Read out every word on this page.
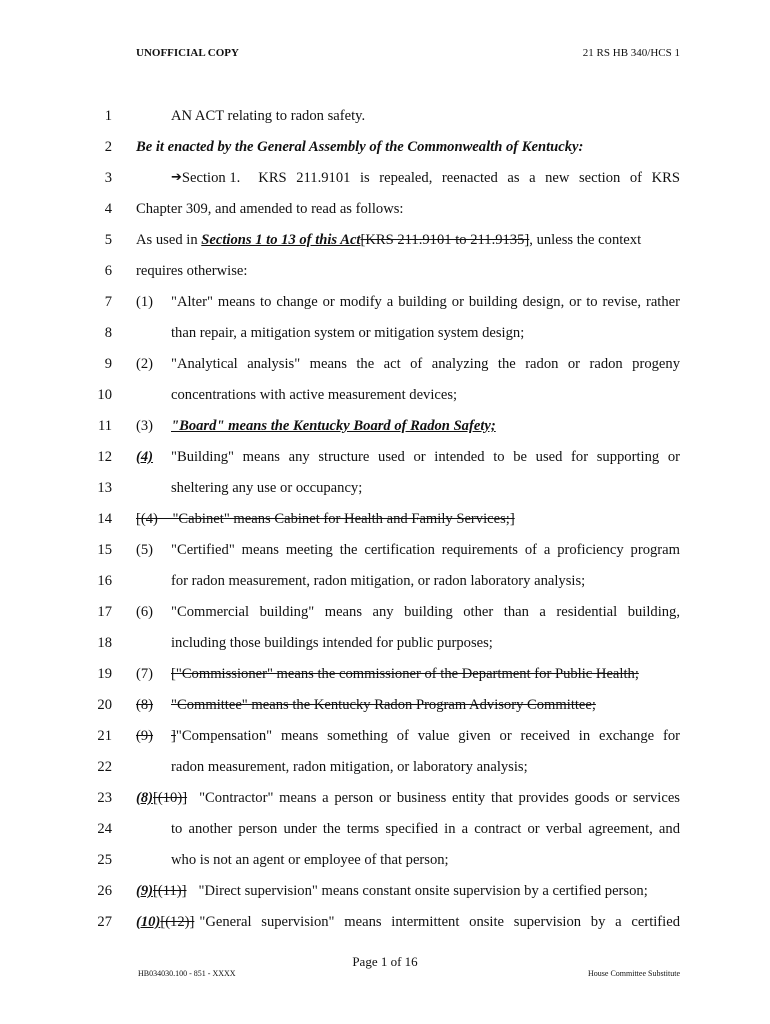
UNOFFICIAL COPY	21 RS HB 340/HCS 1
1	AN ACT relating to radon safety.
2 Be it enacted by the General Assembly of the Commonwealth of Kentucky:
3	➔ Section 1. KRS 211.9101 is repealed, reenacted as a new section of KRS
4 Chapter 309, and amended to read as follows:
5 As used in Sections 1 to 13 of this Act[KRS 211.9101 to 211.9135], unless the context
6 requires otherwise:
7 (1)	"Alter" means to change or modify a building or building design, or to revise, rather
8	than repair, a mitigation system or mitigation system design;
9 (2)	"Analytical analysis" means the act of analyzing the radon or radon progeny
10	concentrations with active measurement devices;
11 (3) "Board" means the Kentucky Board of Radon Safety;
12 (4)	"Building" means any structure used or intended to be used for supporting or
13	sheltering any use or occupancy;
14 [(4)    "Cabinet" means Cabinet for Health and Family Services;]
15 (5)	"Certified" means meeting the certification requirements of a proficiency program
16	for radon measurement, radon mitigation, or radon laboratory analysis;
17 (6)	"Commercial building" means any building other than a residential building,
18	including those buildings intended for public purposes;
19 (7) ["Commissioner" means the commissioner of the Department for Public Health;
20 (8) "Committee" means the Kentucky Radon Program Advisory Committee;
21 (9)	] "Compensation" means something of value given or received in exchange for
22	radon measurement, radon mitigation, or laboratory analysis;
23 (8) [(10)] "Contractor" means a person or business entity that provides goods or services
24	to another person under the terms specified in a contract or verbal agreement, and
25	who is not an agent or employee of that person;
26 (9) [(11)] "Direct supervision" means constant onsite supervision by a certified person;
27 (10) [(12)] "General supervision" means intermittent onsite supervision by a certified
Page 1 of 16
HB034030.100 - 851 - XXXX	House Committee Substitute
